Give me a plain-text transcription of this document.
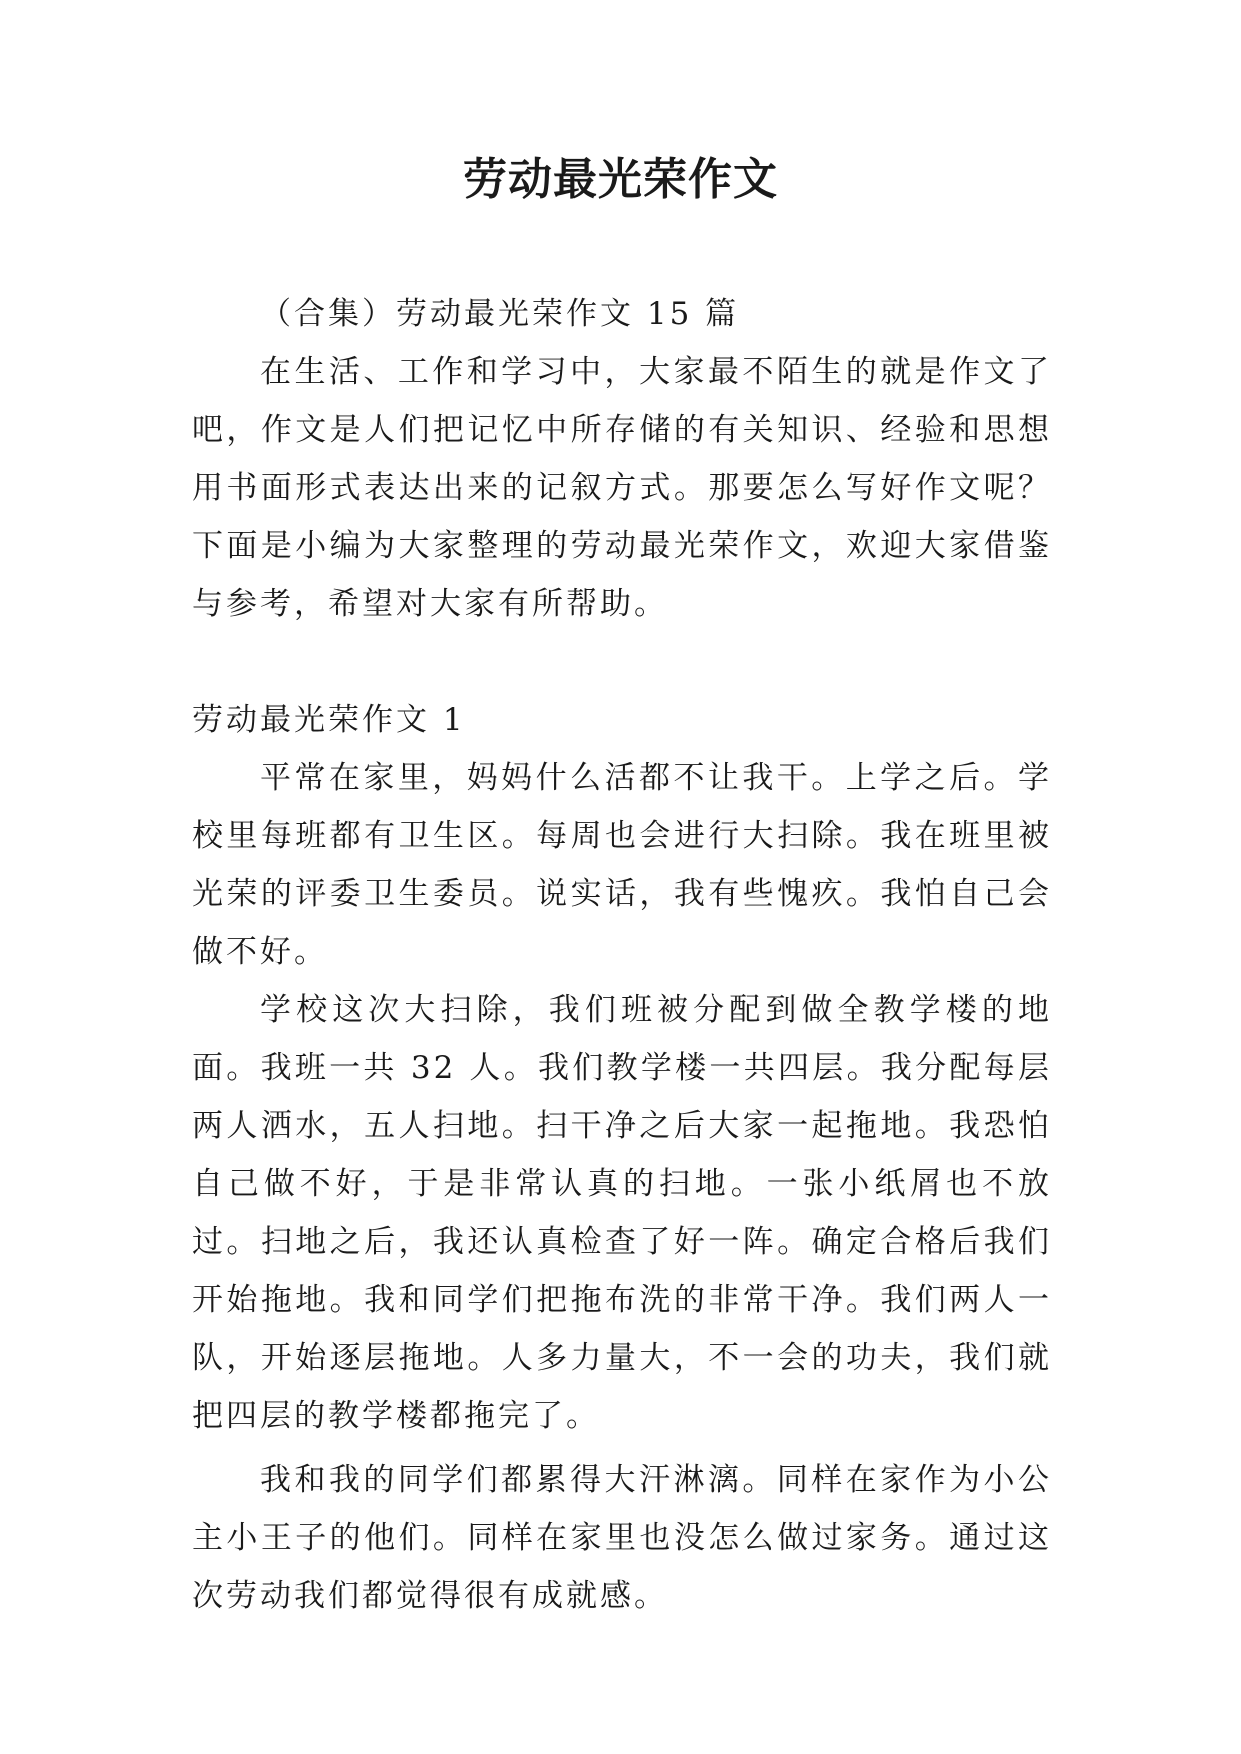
劳动最光荣作文

（合集）劳动最光荣作文 15 篇

在生活、工作和学习中，大家最不陌生的就是作文了吧，作文是人们把记忆中所存储的有关知识、经验和思想用书面形式表达出来的记叙方式。那要怎么写好作文呢？下面是小编为大家整理的劳动最光荣作文，欢迎大家借鉴与参考，希望对大家有所帮助。

劳动最光荣作文 1

平常在家里，妈妈什么活都不让我干。上学之后。学校里每班都有卫生区。每周也会进行大扫除。我在班里被光荣的评委卫生委员。说实话，我有些愧疚。我怕自己会做不好。

学校这次大扫除，我们班被分配到做全教学楼的地面。我班一共 32 人。我们教学楼一共四层。我分配每层两人洒水，五人扫地。扫干净之后大家一起拖地。我恐怕自己做不好，于是非常认真的扫地。一张小纸屑也不放过。扫地之后，我还认真检查了好一阵。确定合格后我们开始拖地。我和同学们把拖布洗的非常干净。我们两人一队，开始逐层拖地。人多力量大，不一会的功夫，我们就把四层的教学楼都拖完了。

我和我的同学们都累得大汗淋漓。同样在家作为小公主小王子的他们。同样在家里也没怎么做过家务。通过这次劳动我们都觉得很有成就感。
